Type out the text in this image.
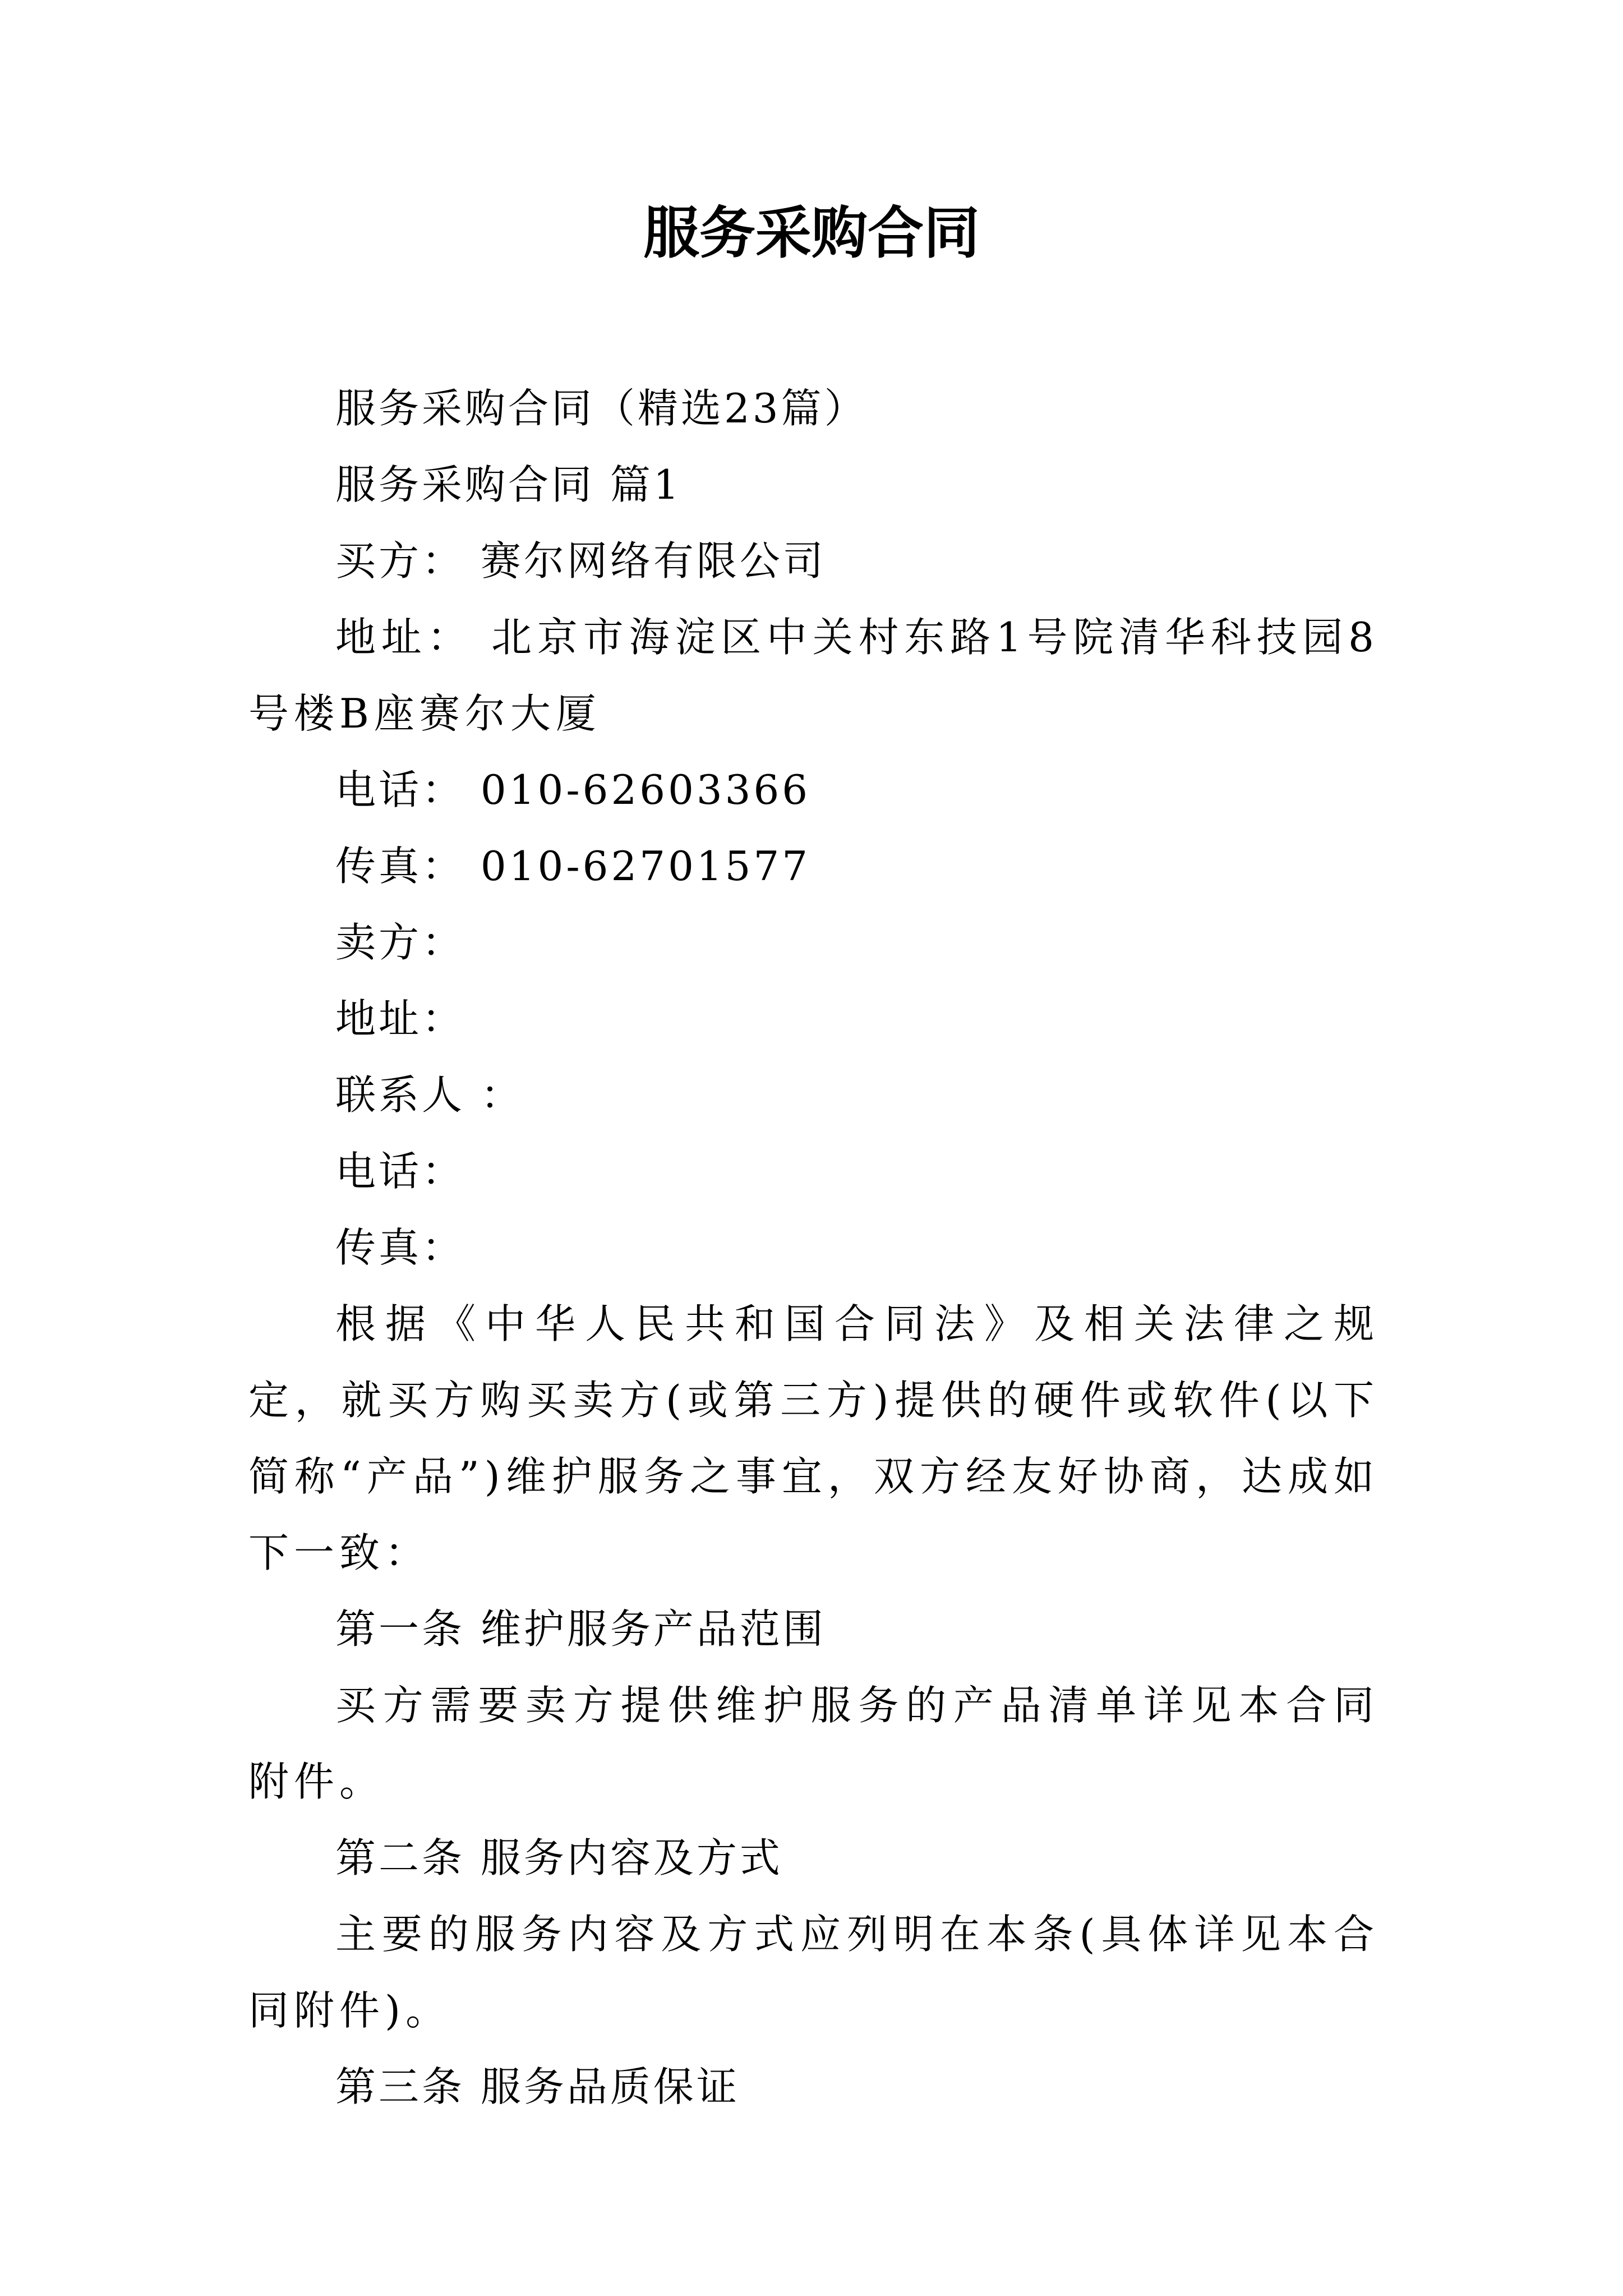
服务采购合同

服务采购合同（精选23篇）

服务采购合同 篇1

买方： 赛尔网络有限公司

地址： 北京市海淀区中关村东路1号院清华科技园8号楼B座赛尔大厦

电话： 010-62603366

传真： 010-62701577

卖方：

地址：

联系人 ：

电话：

传真：

根据《中华人民共和国合同法》及相关法律之规定，就买方购买卖方(或第三方)提供的硬件或软件(以下简称“产品”)维护服务之事宜，双方经友好协商，达成如下一致：

第一条 维护服务产品范围

买方需要卖方提供维护服务的产品清单详见本合同附件。

第二条 服务内容及方式

主要的服务内容及方式应列明在本条(具体详见本合同附件)。

第三条 服务品质保证
